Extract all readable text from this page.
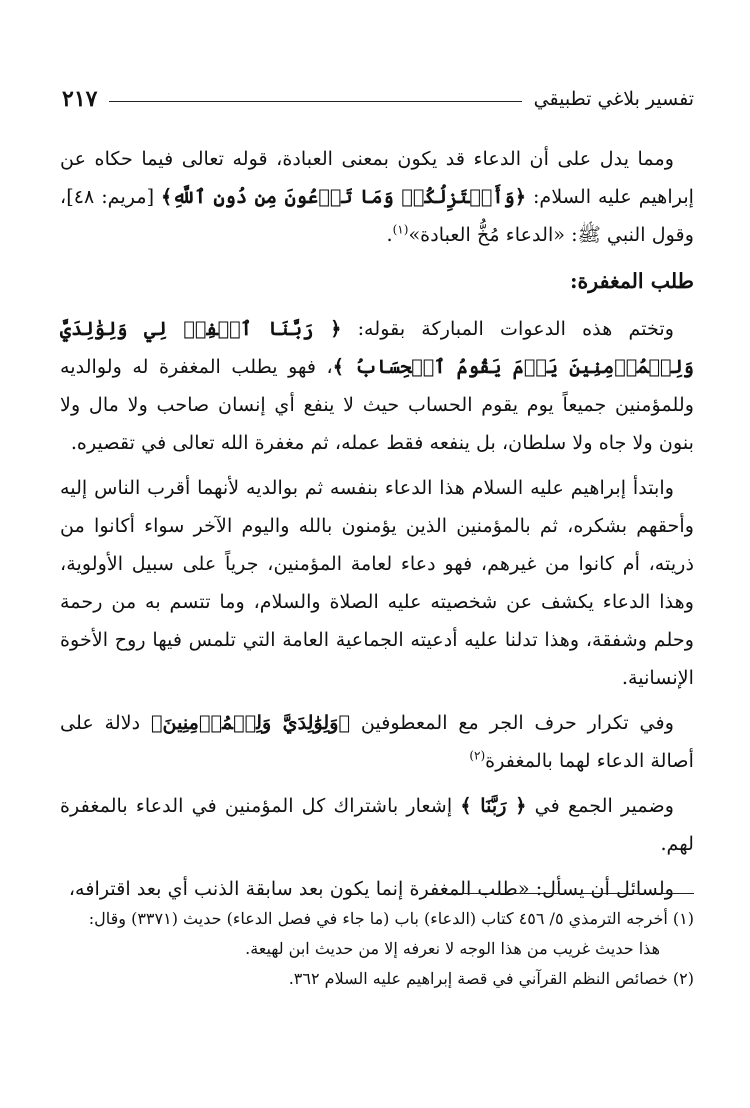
تفسير بلاغي تطبيقي
٢١٧

ومما يدل على أن الدعاء قد يكون بمعنى العبادة، قوله تعالى فيما حكاه عن إبراهيم عليه السلام: ﴿وَأَعۡتَزِلُكُمۡ وَمَا تَدۡعُونَ مِن دُونِ ٱللَّهِ﴾ [مريم: ٤٨]، وقول النبي ﷺ: «الدعاء مُخُّ العبادة»$^{(١)}$.

طلب المغفرة:

وتختم هذه الدعوات المباركة بقوله: ﴿ رَبَّنَا ٱغۡفِرۡ لِي وَلِوَٰلِدَيَّ وَلِلۡمُؤۡمِنِينَ يَوۡمَ يَقُومُ ٱلۡحِسَابُ ﴾، فهو يطلب المغفرة له ولوالديه وللمؤمنين جميعاً يوم يقوم الحساب حيث لا ينفع أي إنسان صاحب ولا مال ولا بنون ولا جاه ولا سلطان، بل ينفعه فقط عمله، ثم مغفرة الله تعالى في تقصيره.

وابتدأ إبراهيم عليه السلام هذا الدعاء بنفسه ثم بوالديه لأنهما أقرب الناس إليه وأحقهم بشكره، ثم بالمؤمنين الذين يؤمنون بالله واليوم الآخر سواء أكانوا من ذريته، أم كانوا من غيرهم، فهو دعاء لعامة المؤمنين، جرياً على سبيل الأولوية، وهذا الدعاء يكشف عن شخصيته عليه الصلاة والسلام، وما تتسم به من رحمة وحلم وشفقة، وهذا تدلنا عليه أدعيته الجماعية العامة التي تلمس فيها روح الأخوة الإنسانية.

وفي تكرار حرف الجر مع المعطوفين ﴿وَلِوَٰلِدَيَّ وَلِلۡمُؤۡمِنِينَ﴾ دلالة على أصالة الدعاء لهما بالمغفرة$^{(٢)}$

وضمير الجمع في ﴿ رَبَّنَا ﴾ إشعار باشتراك كل المؤمنين في الدعاء بالمغفرة لهم.

ولسائل أن يسأل: «طلب المغفرة إنما يكون بعد سابقة الذنب أي بعد اقترافه،

(١) أخرجه الترمذي ٥/ ٤٥٦ كتاب (الدعاء) باب (ما جاء في فصل الدعاء) حديث (٣٣٧١) وقال:

هذا حديث غريب من هذا الوجه لا نعرفه إلا من حديث ابن لهيعة.

(٢) خصائص النظم القرآني في قصة إبراهيم عليه السلام ٣٦٢.
